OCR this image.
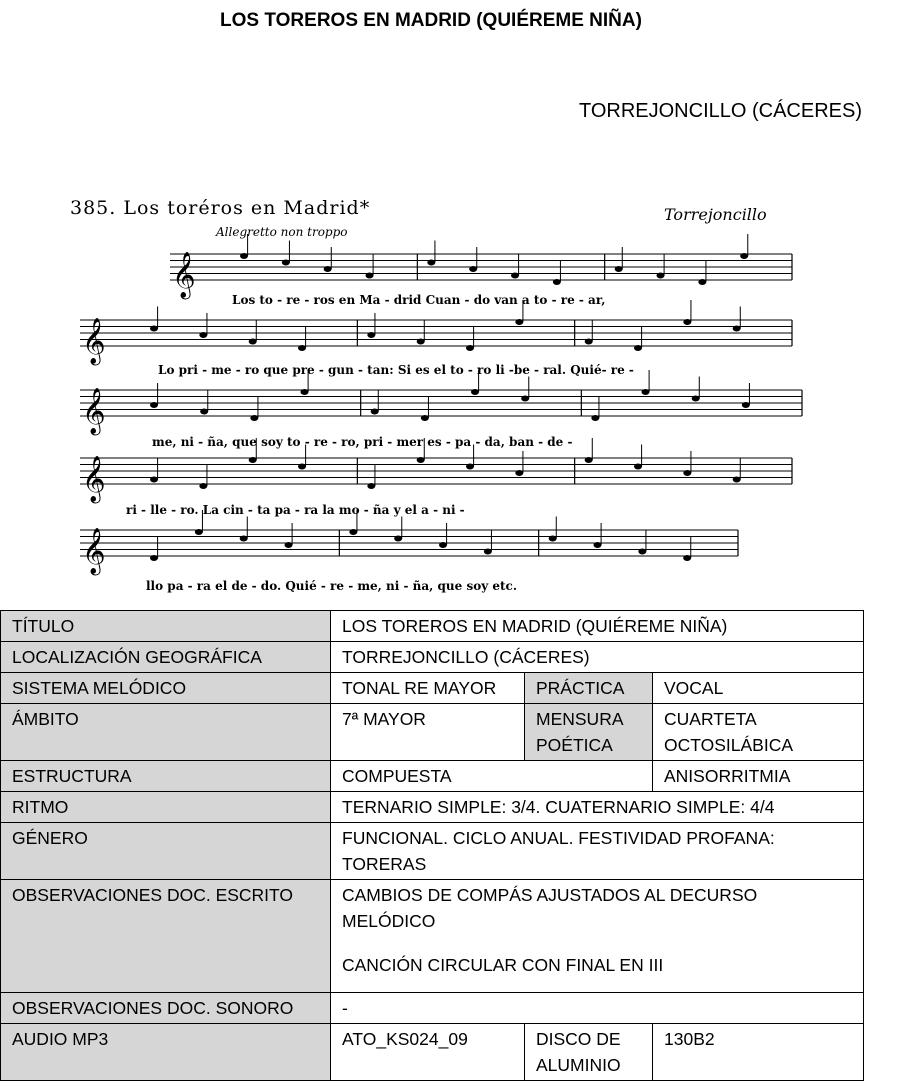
LOS TOREROS EN MADRID (QUIÉREME NIÑA)
TORREJONCILLO (CÁCERES)
385. Los toréros en Madrid*
Allegretto non troppo
Torrejoncillo
𝄞
𝄞
𝄞
𝄞
𝄞
Los to - re - ros en Ma - drid Cuan - do van a to - re - ar,
Lo pri - me - ro que pre - gun - tan: Si es el to - ro li -be - ral. Quié- re -
me, ni - ña, que soy to - re - ro, pri - mer es - pa - da, ban - de -
ri - lle - ro. La cin - ta pa - ra la mo - ña y el a - ni -
llo pa - ra el de - do. Quié - re - me, ni - ña, que soy etc.
TÍTULO	LOS TOREROS EN MADRID (QUIÉREME NIÑA)		
LOCALIZACIÓN GEOGRÁFICA	TORREJONCILLO (CÁCERES)		
SISTEMA MELÓDICO	TONAL RE MAYOR	PRÁCTICA	VOCAL
ÁMBITO	7ª MAYOR	MENSURA POÉTICA	CUARTETA OCTOSILÁBICA
ESTRUCTURA	COMPUESTA		ANISORRITMIA
RITMO	TERNARIO SIMPLE: 3/4. CUATERNARIO SIMPLE: 4/4		
GÉNERO	FUNCIONAL. CICLO ANUAL. FESTIVIDAD PROFANA: TORERAS		
OBSERVACIONES DOC. ESCRITO	CAMBIOS DE COMPÁS AJUSTADOS AL DECURSO MELÓDICO

CANCIÓN CIRCULAR CON FINAL EN III		

OBSERVACIONES DOC. SONORO	-		
AUDIO MP3	ATO_KS024_09	DISCO DE ALUMINIO	130B2
